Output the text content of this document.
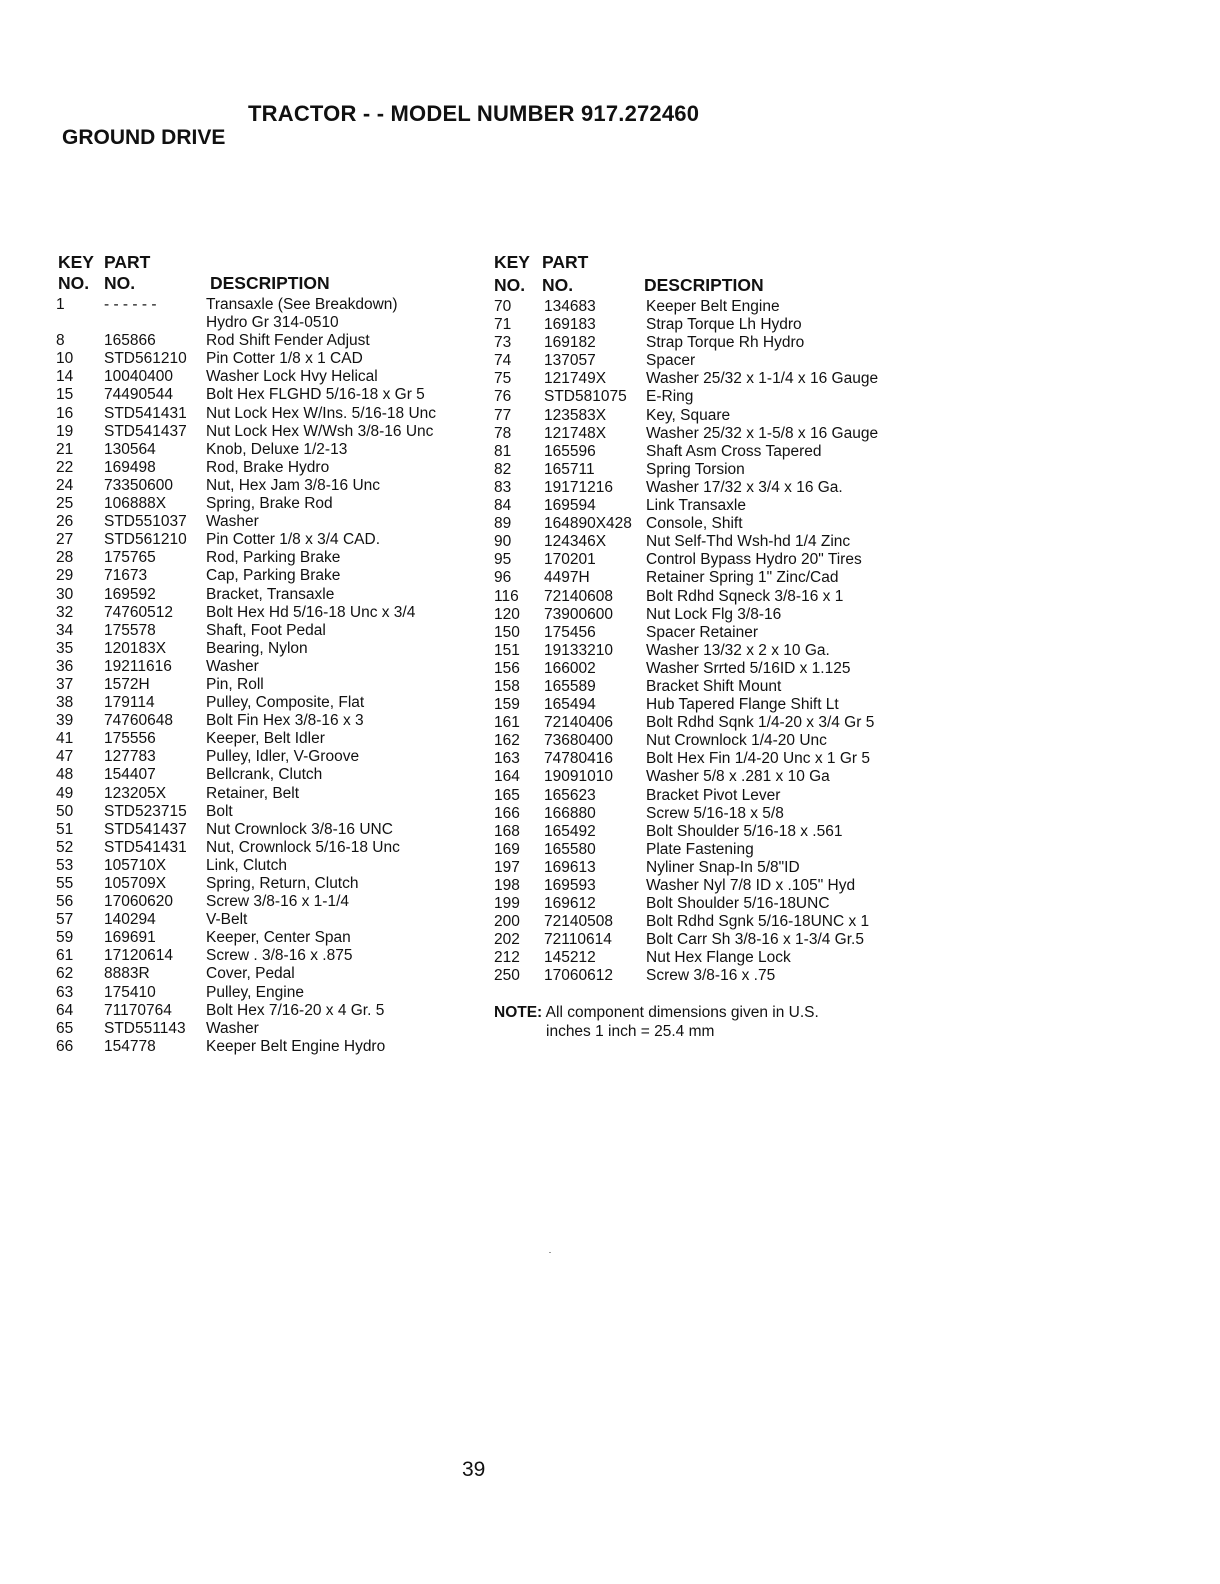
TRACTOR - - MODEL NUMBER 917.272460
GROUND DRIVE
KEY PART
NO. NO.	DESCRIPTION
1	- - - - - -	Transaxle (See Breakdown)
Hydro Gr 314-0510
8	165866	Rod Shift Fender Adjust
10 STD561210 Pin Cotter 1/8 x 1 CAD
14 10040400 Washer Lock Hvy Helical
15 74490544 Bolt Hex FLGHD 5/16-18 x Gr 5
16 STD541431 Nut Lock Hex W/Ins. 5/16-18 Unc
19 STD541437 Nut Lock Hex W/Wsh 3/8-16 Unc
21 130564	Knob, Deluxe 1/2-13
22 169498	Rod, Brake Hydro
24 73350600 Nut, Hex Jam 3/8-16 Unc
25 106888X	Spring, Brake Rod
26 STD551037 Washer
27 STD561210 Pin Cotter 1/8 x 3/4 CAD.
28 175765	Rod, Parking Brake
29 71673	Cap, Parking Brake
30 169592	Bracket, Transaxle
32 74760512 Bolt Hex Hd 5/16-18 Unc x 3/4
34 175578	Shaft, Foot Pedal
35 120183X	Bearing, Nylon
36 19211616 Washer
37 1572H	Pin, Roll
38 179114	Pulley, Composite, Flat
39 74760648 Bolt Fin Hex 3/8-16 x 3
41 175556	Keeper, Belt Idler
47 127783	Pulley, Idler, V-Groove
48 154407	Bellcrank, Clutch
49 123205X	Retainer, Belt
50 STD523715 Bolt
51 STD541437 Nut Crownlock 3/8-16 UNC
52 STD541431 Nut, Crownlock 5/16-18 Unc
53 105710X	Link, Clutch
55 105709X	Spring, Return, Clutch
56 17060620 Screw 3/8-16 x 1-1/4
57 140294	V-Belt
59 169691	Keeper, Center Span
61 17120614 Screw . 3/8-16 x .875
62 8883R	Cover, Pedal
63 175410	Pulley, Engine
64 71170764 Bolt Hex 7/16-20 x 4 Gr. 5
65 STD551143 Washer
66 154778	Keeper Belt Engine Hydro
KEY PART
NO. NO.	DESCRIPTION
70 134683	Keeper Belt Engine
71 169183	Strap Torque Lh Hydro
73 169182	Strap Torque Rh Hydro
74 137057	Spacer
75 121749X	Washer 25/32 x 1-1/4 x 16 Gauge
76 STD581075 E-Ring
77 123583X	Key, Square
78 121748X	Washer 25/32 x 1-5/8 x 16 Gauge
81 165596	Shaft Asm Cross Tapered
82 165711	Spring Torsion
83 19171216 Washer 17/32 x 3/4 x 16 Ga.
84 169594	Link Transaxle
89 164890X428 Console, Shift
90 124346X	Nut Self-Thd Wsh-hd 1/4 Zinc
95 170201	Control Bypass Hydro 20" Tires
96 4497H	Retainer Spring 1" Zinc/Cad
116 72140608 Bolt Rdhd Sqneck 3/8-16 x 1
120 73900600 Nut Lock Flg 3/8-16
150 175456	Spacer Retainer
151 19133210 Washer 13/32 x 2 x 10 Ga.
156 166002	Washer Srrted 5/16ID x 1.125
158 165589	Bracket Shift Mount
159 165494	Hub Tapered Flange Shift Lt
161 72140406 Bolt Rdhd Sqnk 1/4-20 x 3/4 Gr 5
162 73680400 Nut Crownlock 1/4-20 Unc
163 74780416 Bolt Hex Fin 1/4-20 Unc x 1 Gr 5
164 19091010 Washer 5/8 x .281 x 10 Ga
165 165623	Bracket Pivot Lever
166 166880	Screw 5/16-18 x 5/8
168 165492	Bolt Shoulder 5/16-18 x .561
169 165580	Plate Fastening
197 169613	Nyliner Snap-In 5/8"ID
198 169593	Washer Nyl 7/8 ID x .105" Hyd
199 169612	Bolt Shoulder 5/16-18UNC
200 72140508 Bolt Rdhd Sgnk 5/16-18UNC x 1
202 72110614 Bolt Carr Sh 3/8-16 x 1-3/4 Gr.5
212 145212	Nut Hex Flange Lock
250 17060612 Screw 3/8-16 x .75
NOTE: All component dimensions given in U.S.
inches 1 inch = 25.4 mm
39
